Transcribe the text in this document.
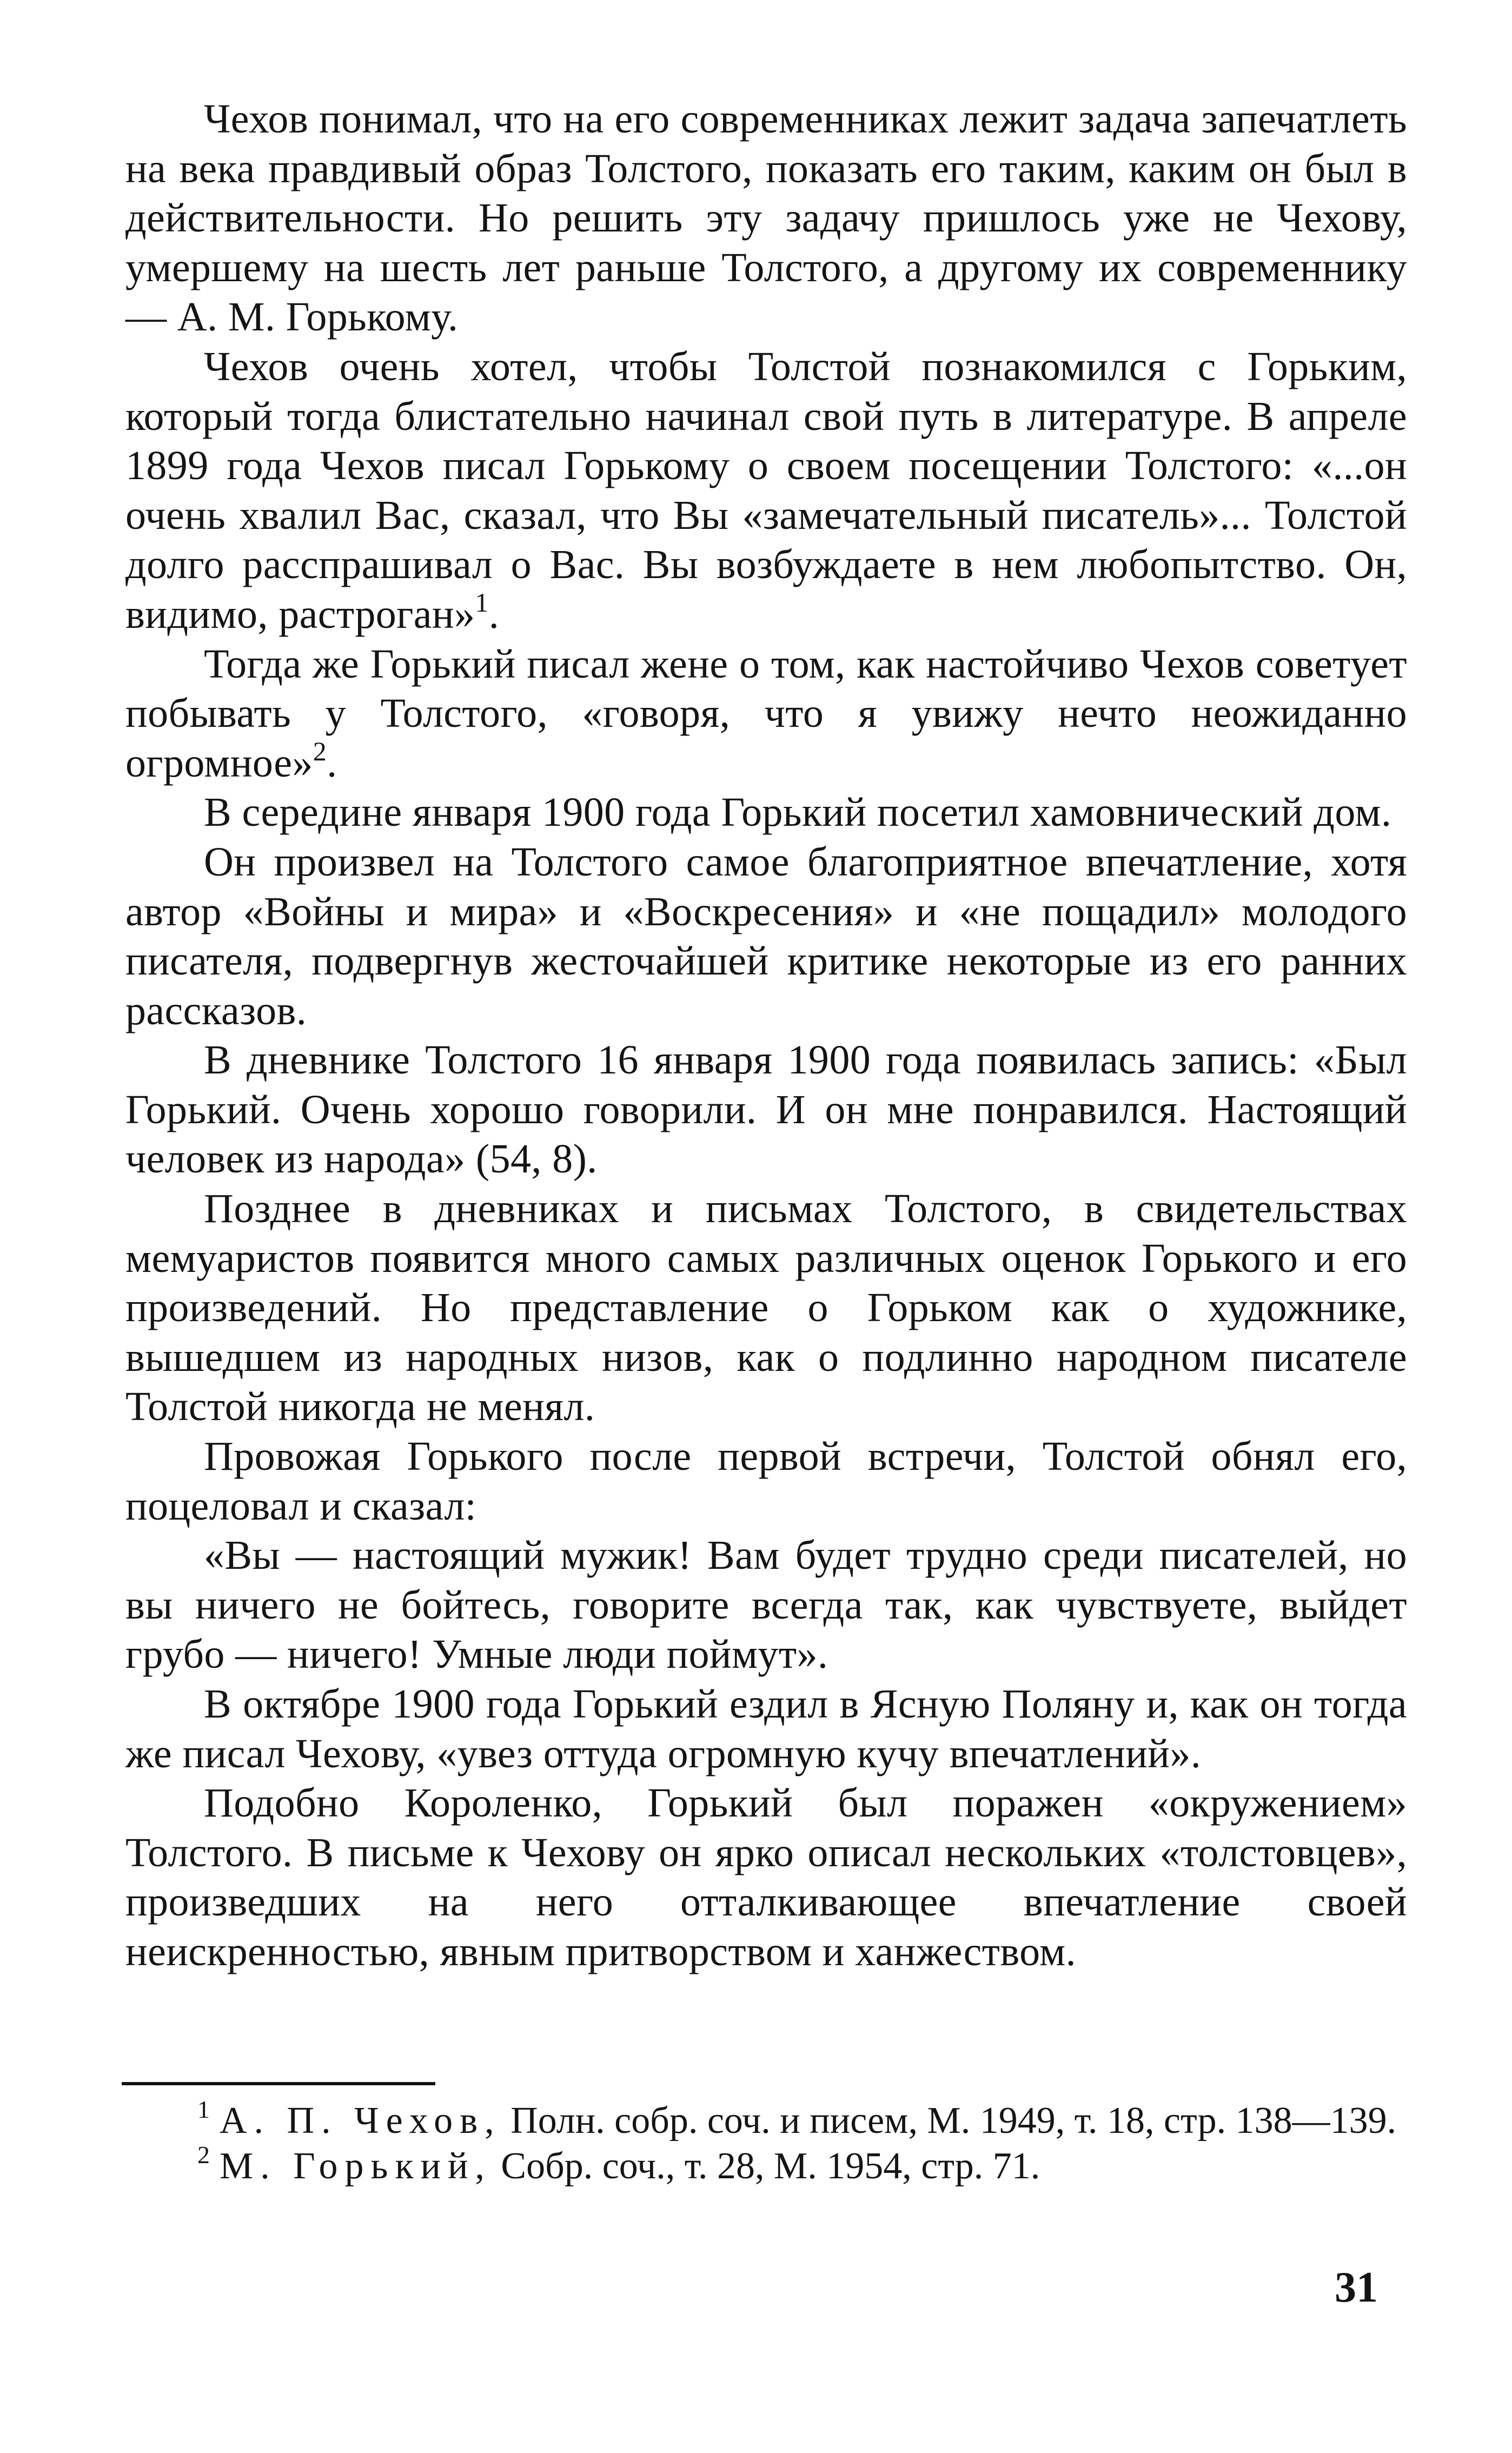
Чехов понимал, что на его современниках лежит задача запечатлеть на века правдивый образ Толстого, показать его таким, каким он был в действительности. Но решить эту задачу пришлось уже не Чехову, умершему на шесть лет раньше Толстого, а другому их современнику — А. М. Горькому.

Чехов очень хотел, чтобы Толстой познакомился с Горьким, который тогда блистательно начинал свой путь в литературе. В апреле 1899 года Чехов писал Горькому о своем посещении Толстого: «...он очень хвалил Вас, сказал, что Вы «замечательный писатель»... Толстой долго расспрашивал о Вас. Вы возбуждаете в нем любопытство. Он, видимо, растроган»$^1$.

Тогда же Горький писал жене о том, как настойчиво Чехов советует побывать у Толстого, «говоря, что я увижу нечто неожиданно огромное»$^2$.

В середине января 1900 года Горький посетил хамовнический дом.

Он произвел на Толстого самое благоприятное впечатление, хотя автор «Войны и мира» и «Воскресения» и «не пощадил» молодого писателя, подвергнув жесточайшей критике некоторые из его ранних рассказов.

В дневнике Толстого 16 января 1900 года появилась запись: «Был Горький. Очень хорошо говорили. И он мне понравился. Настоящий человек из народа» (54, 8).

Позднее в дневниках и письмах Толстого, в свидетельствах мемуаристов появится много самых различных оценок Горького и его произведений. Но представление о Горьком как о художнике, вышедшем из народных низов, как о подлинно народном писателе Толстой никогда не менял.

Провожая Горького после первой встречи, Толстой обнял его, поцеловал и сказал:

«Вы — настоящий мужик! Вам будет трудно среди писателей, но вы ничего не бойтесь, говорите всегда так, как чувствуете, выйдет грубо — ничего! Умные люди поймут».

В октябре 1900 года Горький ездил в Ясную Поляну и, как он тогда же писал Чехову, «увез оттуда огромную кучу впечатлений».

Подобно Короленко, Горький был поражен «окружением» Толстого. В письме к Чехову он ярко описал нескольких «толстовцев», произведших на него отталкивающее впечатление своей неискренностью, явным притворством и ханжеством.

$^1$ А. П. Чехов, Полн. собр. соч. и писем, М. 1949, т. 18, стр. 138—139.

$^2$ М. Горький, Собр. соч., т. 28, М. 1954, стр. 71.

31
